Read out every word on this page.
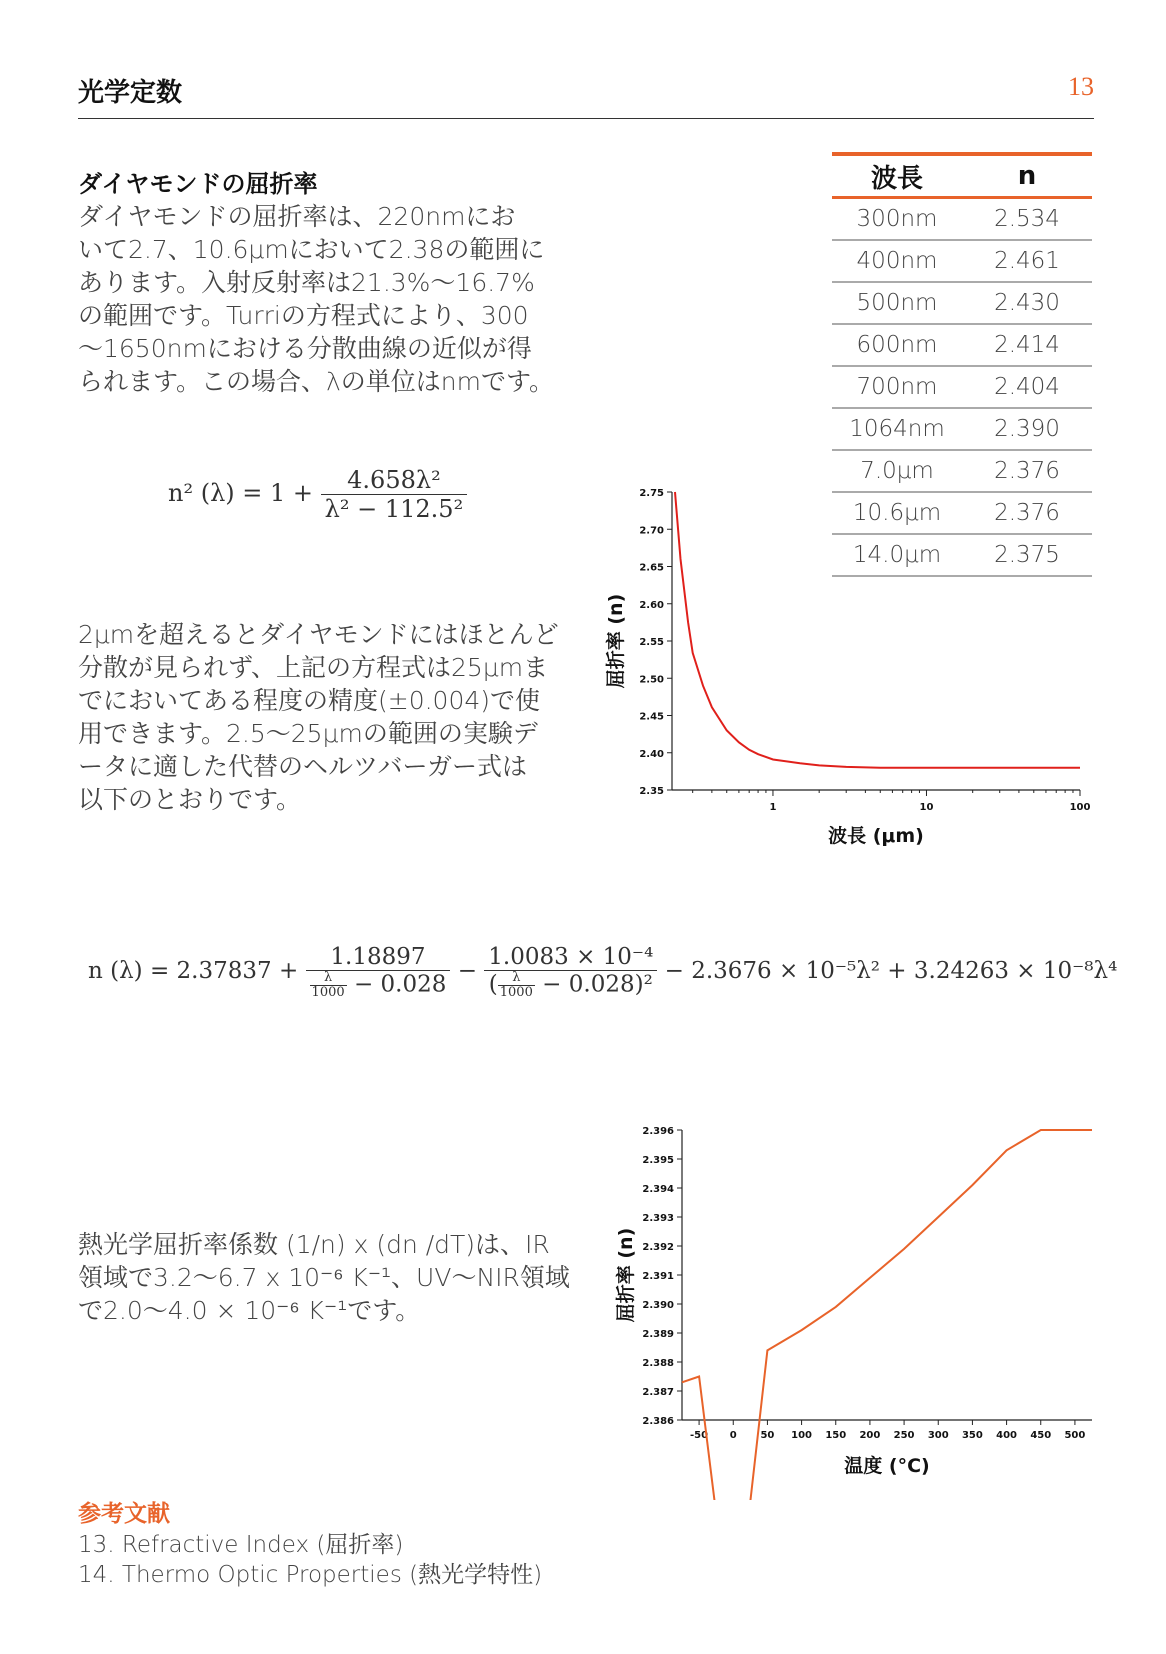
光学定数	13
ダイヤモンドの屈折率
ダイヤモンドの屈折率は、220nmにお
いて2.7、10.6μmにおいて2.38の範囲に
あります。入射反射率は21.3%〜16.7%
の範囲です。Turriの方程式により、300
〜1650nmにおける分散曲線の近似が得
られます。この場合、λの単位はnmです。
n² $(\lambda) = 1 + \frac{\text{4.658λ²}}{\text{λ² − 112.5²}}$
2μmを超えるとダイヤモンドにはほとんど
分散が見られず、上記の方程式は25μmま
でにおいてある程度の精度(±0.004)で使
用できます。2.5〜25μmの範囲の実験デ
ータに適した代替のヘルツバーガー式は
以下のとおりです。
波長	n
300nm	2.534
400nm	2.461
500nm	2.430
600nm	2.414
700nm	2.404
1064nm	2.390
7.0μm	2.376
10.6μm	2.376
14.0μm	2.375
2.35
2.40
2.45
2.50
2.55
2.60
2.65
2.70
2.75
1	10	100
波長 (μm)
屈折率 (n)
n $(\lambda) = 2.37837 + \frac{1.18897}{\frac{\lambda}{1000} - 0.028} - \frac{\text{1.0083 × 10⁻⁴}}{( \frac{\lambda}{1000} - 0.028)^2} - 2.3676 \times 10^{-5}\lambda^2 + 3.24263 \times 10^{-8}\lambda^4$
熱光学屈折率係数 (1/n) x (dn /dT)は、IR
領域で3.2〜6.7 x 10⁻⁶ K⁻¹、UV〜NIR領域
で2.0〜4.0 × 10⁻⁶ K⁻¹です。
2.386
2.387
2.388
2.389
2.390
2.391
2.392
2.393
2.394
2.395
2.396
-50 0 50 100 150 200 250 300 350 400 450 500
温度 (°C)
屈折率 (n)
参考文献
13. Refractive Index (屈折率)
14. Thermo Optic Properties (熱光学特性)
